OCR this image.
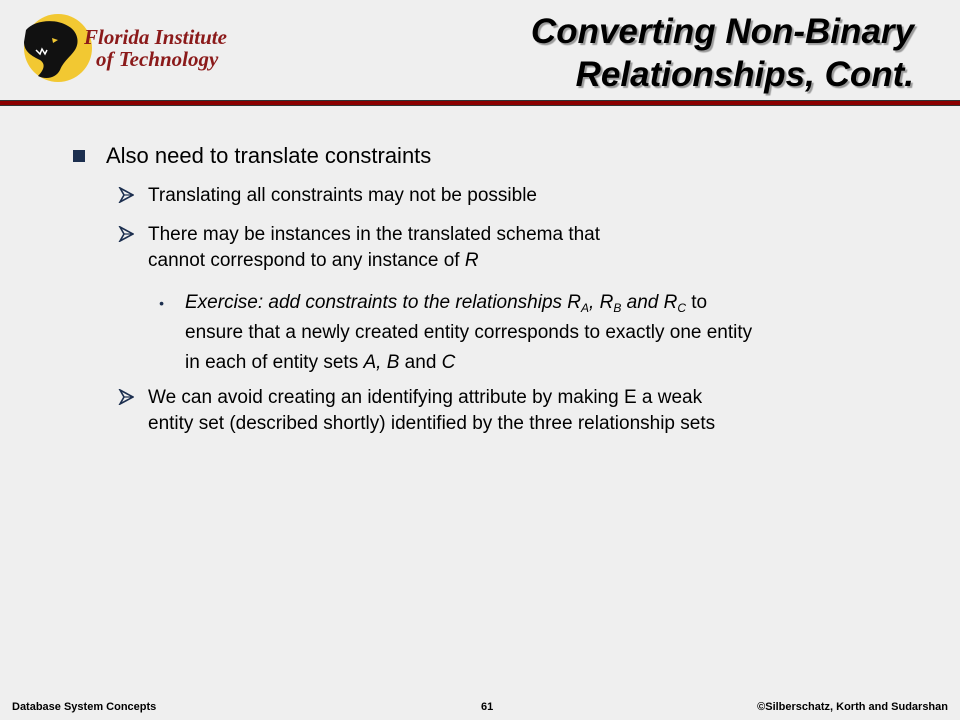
Florida Institute
of Technology
Converting Non-Binary
Relationships, Cont.
Also need to translate constraints
Translating all constraints may not be possible
There may be instances in the translated schema that
cannot correspond to any instance of R
• Exercise: add constraints to the relationships $R_A$, $R_B$ and $R_C$ to
ensure that a newly created entity corresponds to exactly one entity
in each of entity sets A, B and C
We can avoid creating an identifying attribute by making E a weak
entity set (described shortly) identified by the three relationship sets
Database System Concepts	61	©Silberschatz, Korth and Sudarshan
